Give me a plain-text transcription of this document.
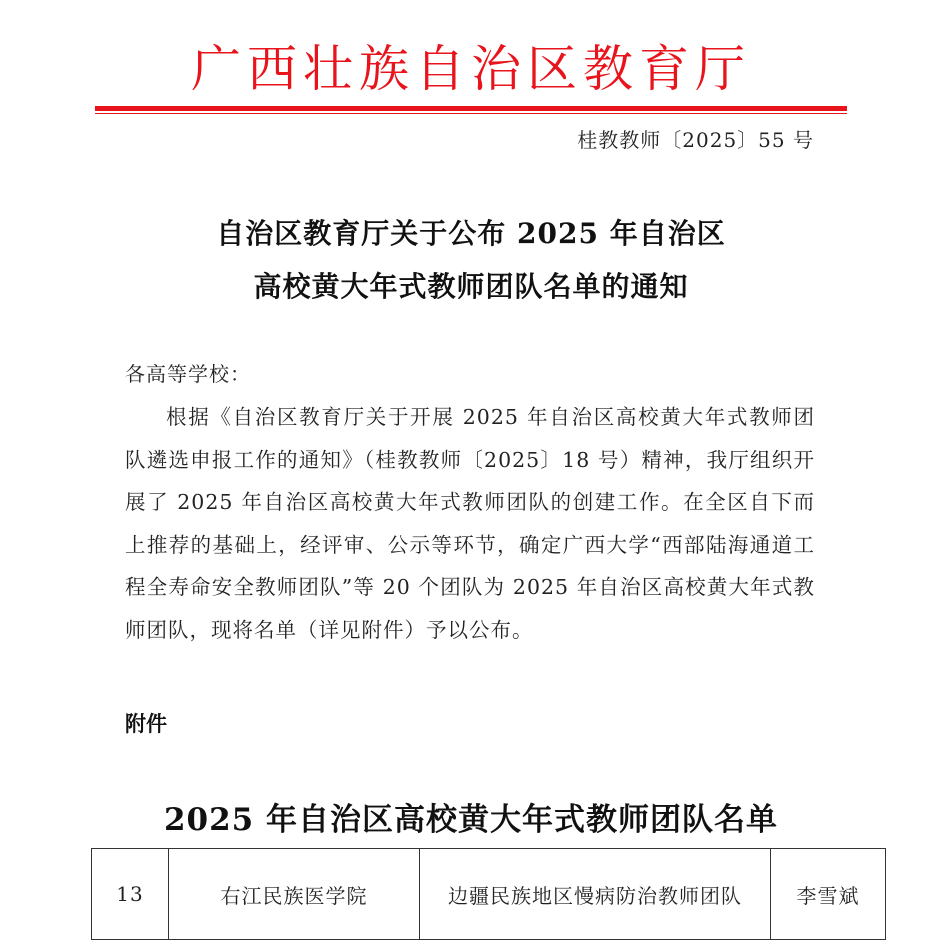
广西壮族自治区教育厅
桂教教师〔2025〕55 号
自治区教育厅关于公布 2025 年自治区
高校黄大年式教师团队名单的通知
各高等学校：
根据《自治区教育厅关于开展 2025 年自治区高校黄大年式教师团队遴选申报工作的通知》（桂教教师〔2025〕18 号）精神，我厅组织开展了 2025 年自治区高校黄大年式教师团队的创建工作。在全区自下而上推荐的基础上，经评审、公示等环节，确定广西大学“西部陆海通道工程全寿命安全教师团队”等 20 个团队为 2025 年自治区高校黄大年式教师团队，现将名单（详见附件）予以公布。
附件
2025 年自治区高校黄大年式教师团队名单
13	右江民族医学院	边疆民族地区慢病防治教师团队	李雪斌
